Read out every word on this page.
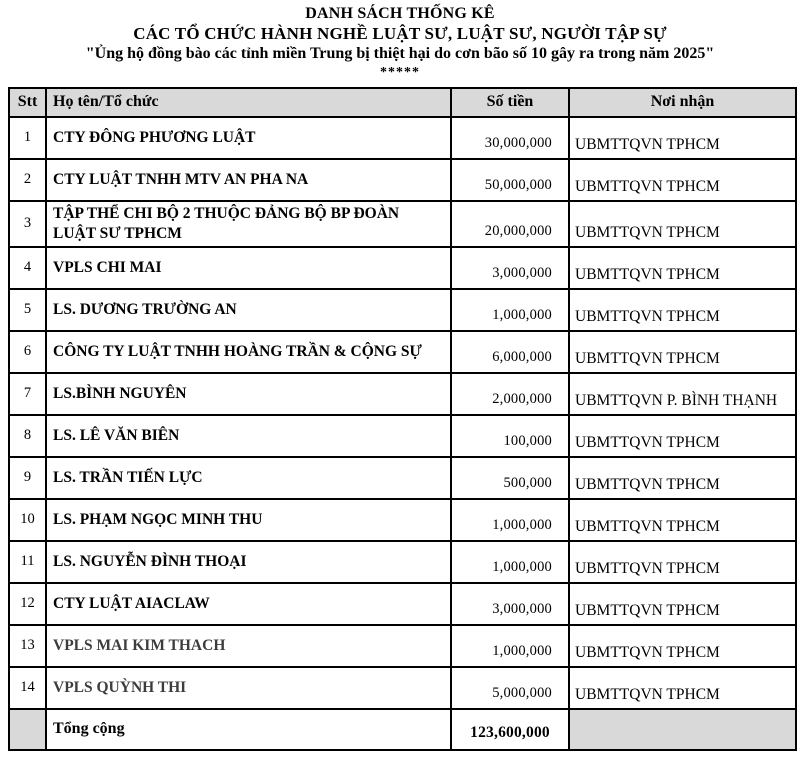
DANH SÁCH THỐNG KÊ
CÁC TỔ CHỨC HÀNH NGHỀ LUẬT SƯ, LUẬT SƯ, NGƯỜI TẬP SỰ
"Ủng hộ đồng bào các tỉnh miền Trung bị thiệt hại do cơn bão số 10 gây ra trong năm 2025"
*****
Stt	Họ tên/Tổ chức	Số tiền	Nơi nhận
1	CTY ĐÔNG PHƯƠNG LUẬT	30,000,000	UBMTTQVN TPHCM
2	CTY LUẬT TNHH MTV AN PHA NA	50,000,000	UBMTTQVN TPHCM
3	TẬP THỂ CHI BỘ 2 THUỘC ĐẢNG BỘ BP ĐOÀN LUẬT SƯ TPHCM	20,000,000	UBMTTQVN TPHCM
4	VPLS CHI MAI	3,000,000	UBMTTQVN TPHCM
5	LS. DƯƠNG TRƯỜNG AN	1,000,000	UBMTTQVN TPHCM
6	CÔNG TY LUẬT TNHH HOÀNG TRẦN & CỘNG SỰ	6,000,000	UBMTTQVN TPHCM
7	LS.BÌNH NGUYÊN	2,000,000	UBMTTQVN P. BÌNH THẠNH
8	LS. LÊ VĂN BIÊN	100,000	UBMTTQVN TPHCM
9	LS. TRẦN TIẾN LỰC	500,000	UBMTTQVN TPHCM
10	LS. PHẠM NGỌC MINH THU	1,000,000	UBMTTQVN TPHCM
11	LS. NGUYỄN ĐÌNH THOẠI	1,000,000	UBMTTQVN TPHCM
12	CTY LUẬT AIACLAW	3,000,000	UBMTTQVN TPHCM
13	VPLS MAI KIM THACH	1,000,000	UBMTTQVN TPHCM
14	VPLS QUỲNH THI	5,000,000	UBMTTQVN TPHCM
	Tổng cộng	123,600,000	
